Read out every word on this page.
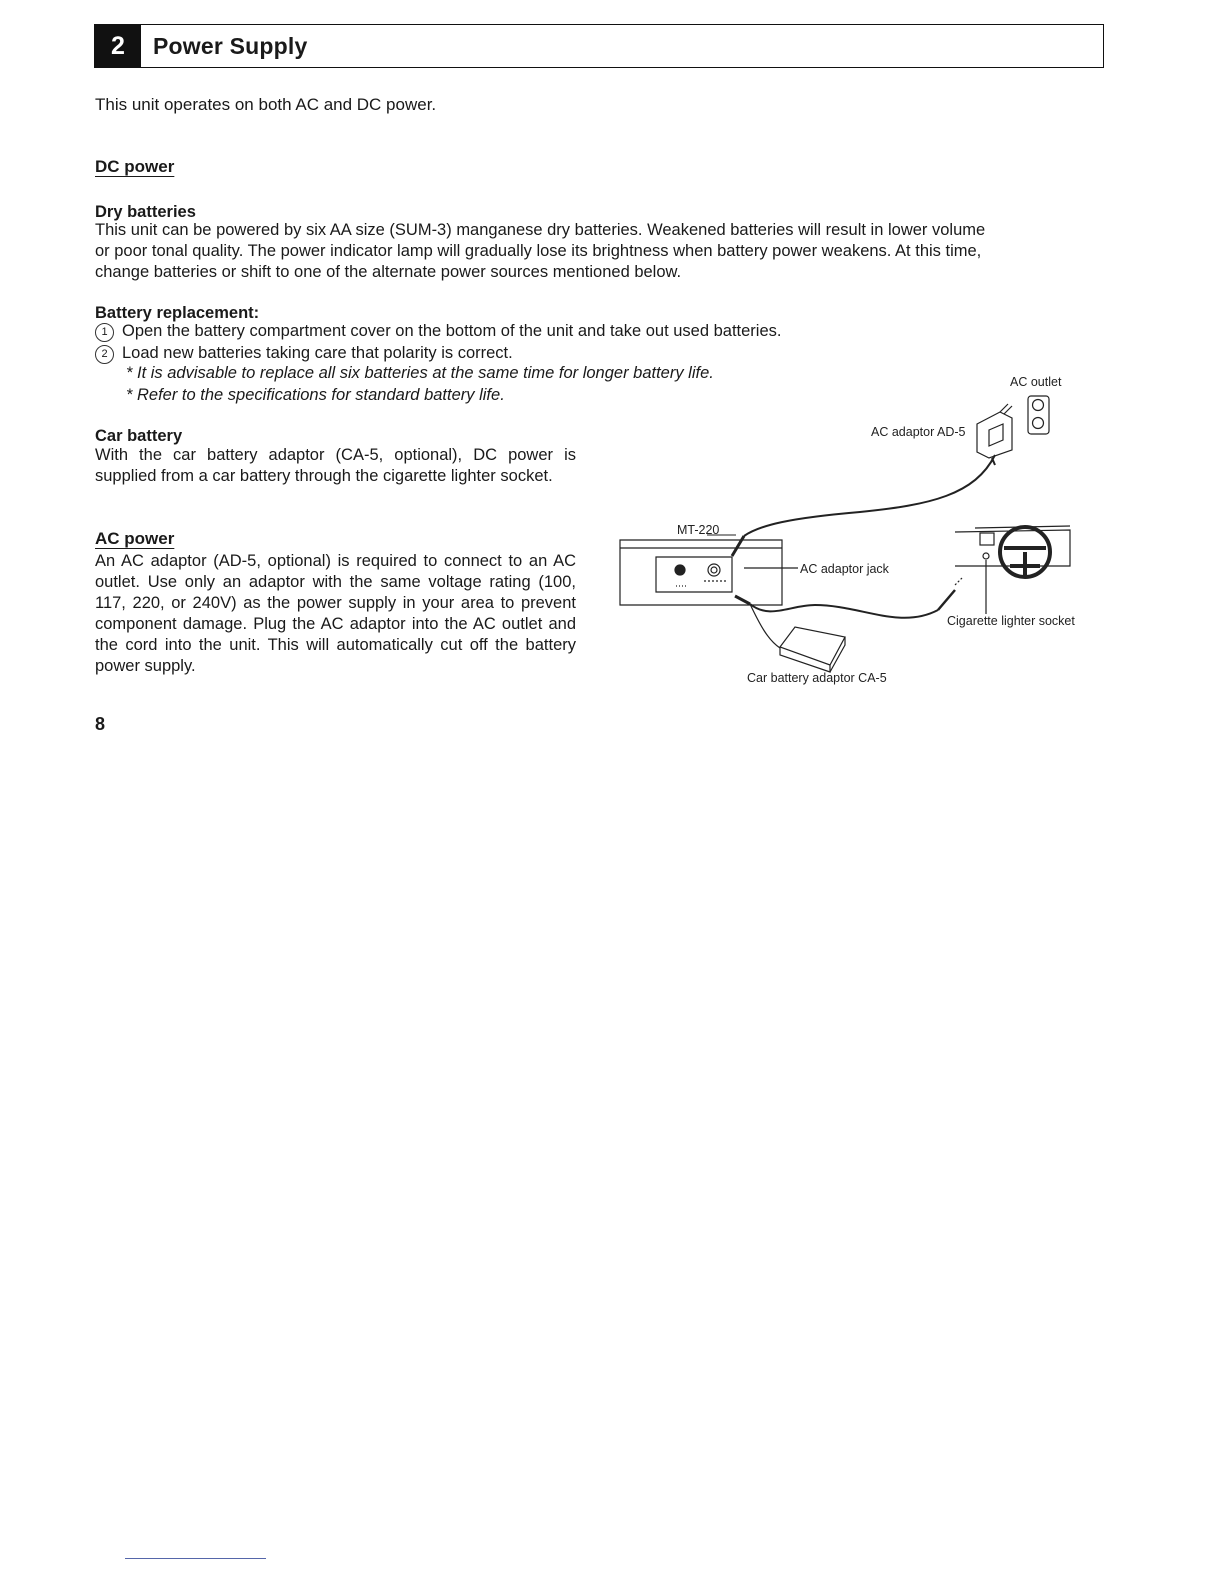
2	Power Supply
This unit operates on both AC and DC power.
DC power
Dry batteries
This unit can be powered by six AA size (SUM-3) manganese dry batteries. Weakened batteries will result in lower volume
or poor tonal quality. The power indicator lamp will gradually lose its brightness when battery power weakens. At this time,
change batteries or shift to one of the alternate power sources mentioned below.
Battery replacement:
1 Open the battery compartment cover on the bottom of the unit and take out used batteries.
2 Load new batteries taking care that polarity is correct.
* It is advisable to replace all six batteries at the same time for longer battery life.
* Refer to the specifications for standard battery life.
Car battery
With the car battery adaptor (CA-5, optional), DC power is supplied from a car battery through the cigarette lighter socket.
AC power
An AC adaptor (AD-5, optional) is required to connect to an AC outlet. Use only an adaptor with the same voltage rating (100, 117, 220, or 240V) as the power supply in your area to prevent component damage. Plug the AC adaptor into the AC outlet and the cord into the unit. This will automatically cut off the battery power supply.
AC outlet
AC adaptor AD-5
MT-220
AC adaptor jack
Cigarette lighter socket
Car battery adaptor CA-5
8
